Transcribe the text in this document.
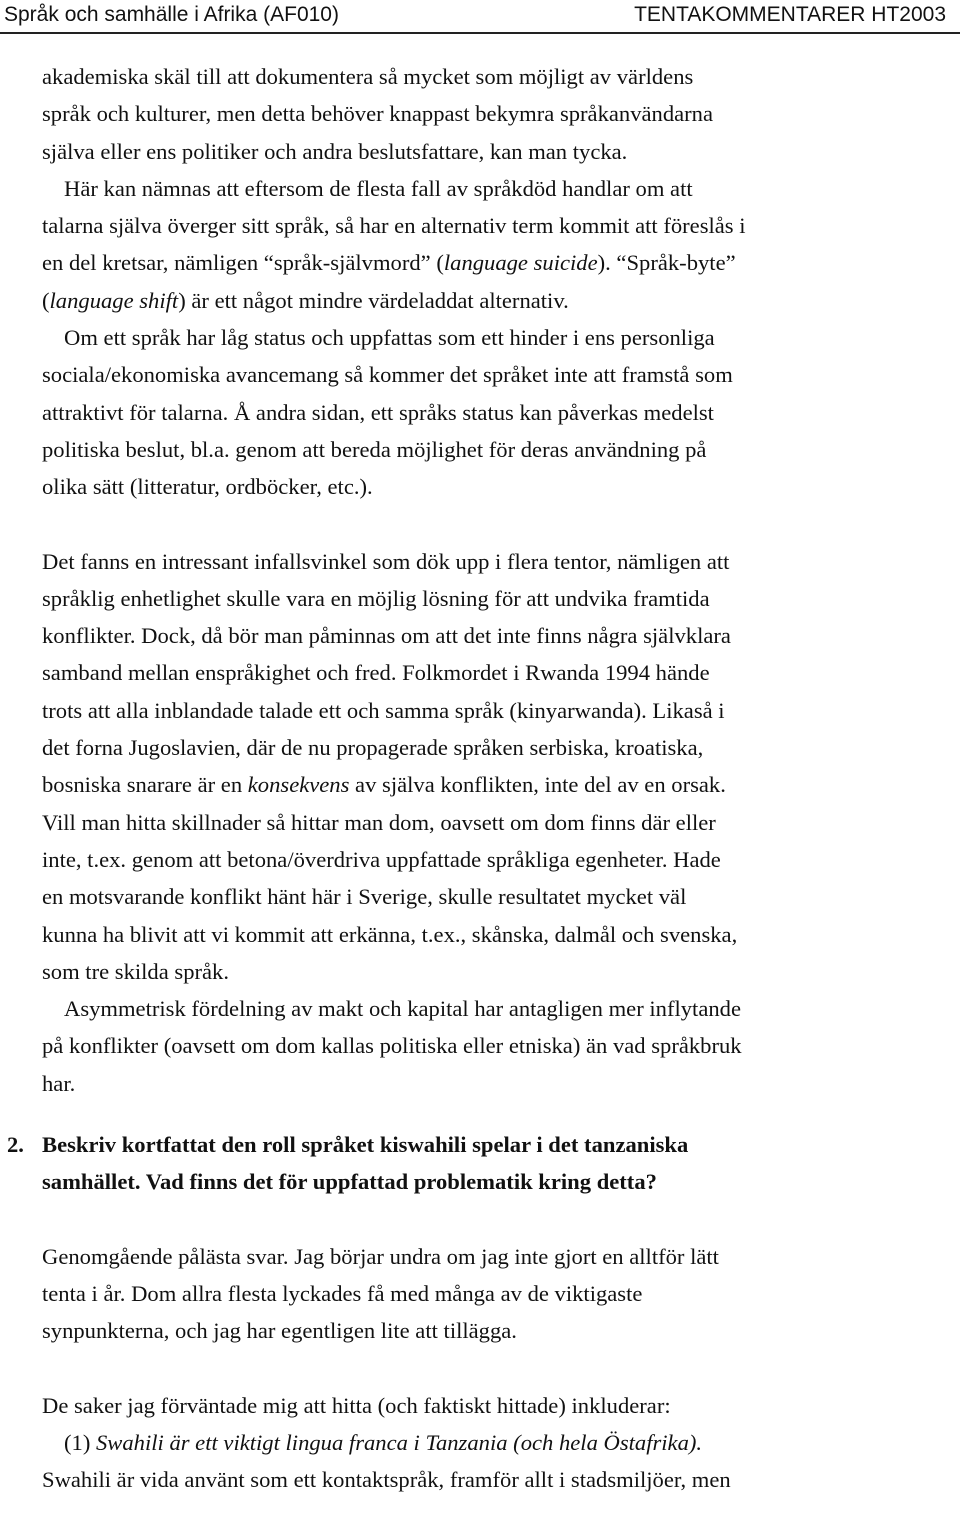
Språk och samhälle i Afrika (AF010)	TENTAKOMMENTARER HT2003

akademiska skäl till att dokumentera så mycket som möjligt av världens

språk och kulturer, men detta behöver knappast bekymra språkanvändarna

själva eller ens politiker och andra beslutsfattare, kan man tycka.

Här kan nämnas att eftersom de flesta fall av språkdöd handlar om att

talarna själva överger sitt språk, så har en alternativ term kommit att föreslås i

en del kretsar, nämligen “språk-självmord” (language suicide). “Språk-byte”

(language shift) är ett något mindre värdeladdat alternativ.

Om ett språk har låg status och uppfattas som ett hinder i ens personliga

sociala/ekonomiska avancemang så kommer det språket inte att framstå som

attraktivt för talarna. Å andra sidan, ett språks status kan påverkas medelst

politiska beslut, bl.a. genom att bereda möjlighet för deras användning på

olika sätt (litteratur, ordböcker, etc.).

Det fanns en intressant infallsvinkel som dök upp i flera tentor, nämligen att

språklig enhetlighet skulle vara en möjlig lösning för att undvika framtida

konflikter. Dock, då bör man påminnas om att det inte finns några självklara

samband mellan enspråkighet och fred. Folkmordet i Rwanda 1994 hände

trots att alla inblandade talade ett och samma språk (kinyarwanda). Likaså i

det forna Jugoslavien, där de nu propagerade språken serbiska, kroatiska,

bosniska snarare är en konsekvens av själva konflikten, inte del av en orsak.

Vill man hitta skillnader så hittar man dom, oavsett om dom finns där eller

inte, t.ex. genom att betona/överdriva uppfattade språkliga egenheter. Hade

en motsvarande konflikt hänt här i Sverige, skulle resultatet mycket väl

kunna ha blivit att vi kommit att erkänna, t.ex., skånska, dalmål och svenska,

som tre skilda språk.

Asymmetrisk fördelning av makt och kapital har antagligen mer inflytande

på konflikter (oavsett om dom kallas politiska eller etniska) än vad språkbruk

har.

2. Beskriv kortfattat den roll språket kiswahili spelar i det tanzaniska

samhället. Vad finns det för uppfattad problematik kring detta?

Genomgående pålästa svar. Jag börjar undra om jag inte gjort en alltför lätt

tenta i år. Dom allra flesta lyckades få med många av de viktigaste

synpunkterna, och jag har egentligen lite att tillägga.

De saker jag förväntade mig att hitta (och faktiskt hittade) inkluderar:

(1) Swahili är ett viktigt lingua franca i Tanzania (och hela Östafrika).

Swahili är vida använt som ett kontaktspråk, framför allt i stadsmiljöer, men
